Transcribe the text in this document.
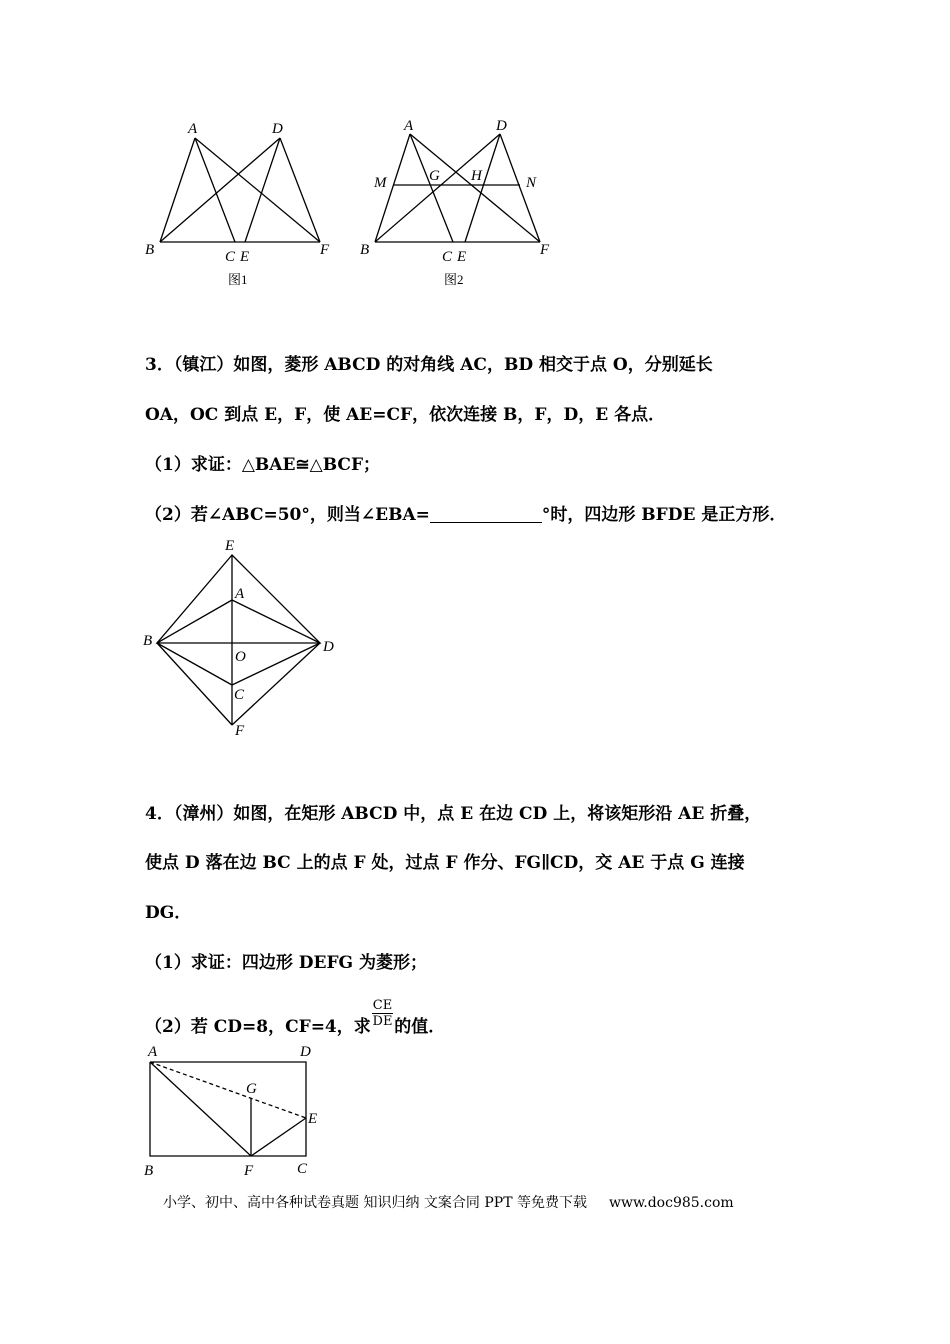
A	D
B	C E	F
图1
A	D
M	G H	N
B	C E	F
图2
3．（镇江）如图，菱形 ABCD 的对角线 AC，BD 相交于点 O，分别延长
OA，OC 到点 E，F，使 AE=CF，依次连接 B，F，D，E 各点．
（1）求证：△BAE≅△BCF；
（2）若∠ABC=50°，则当∠EBA=	°时，四边形 BFDE 是正方形．
E
A
B
O
D
C
F
4．（漳州）如图，在矩形 ABCD 中，点 E 在边 CD 上，将该矩形沿 AE 折叠，
使点 D 落在边 BC 上的点 F 处，过点 F 作分、FG∥CD，交 AE 于点 G 连接
DG．
（1）求证：四边形 DEFG 为菱形；
（2）若 CD=8，CF=4，求 $\frac{CE}{DE}$ 的值．
A	D
G
E
B	F	C
小学、初中、高中各种试卷真题 知识归纳 文案合同 PPT 等免费下载 www.doc985.com
